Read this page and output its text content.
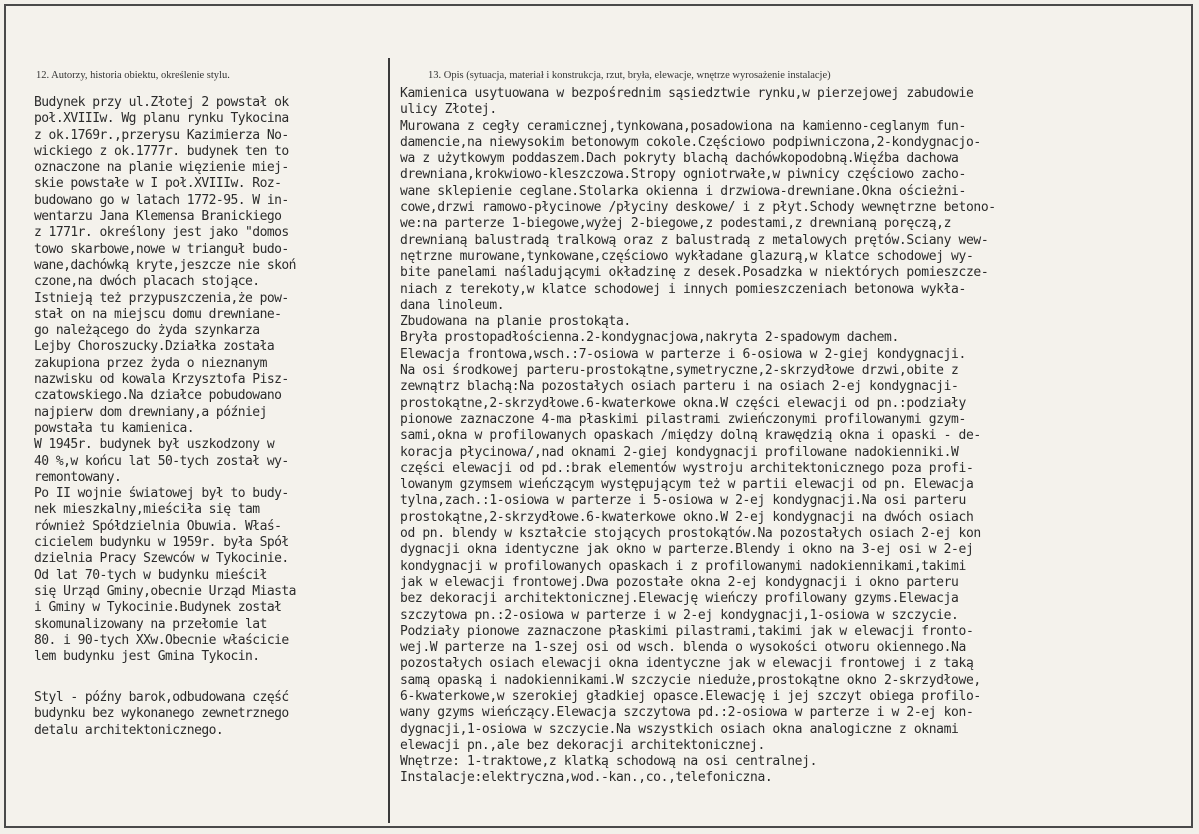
12. Autorzy, historia obiektu, określenie stylu.	13. Opis (sytuacja, materiał i konstrukcja, rzut, bryła, elewacje, wnętrze wyrosażenie instalacje)
Budynek przy ul.Złotej 2 powstał ok
poł.XVIIIw. Wg planu rynku Tykocina
z ok.1769r.,przerysu Kazimierza No-
wickiego z ok.1777r. budynek ten to
oznaczone na planie więzienie miej-
skie powstałe w I poł.XVIIIw. Roz-
budowano go w latach 1772-95. W in-
wentarzu Jana Klemensa Branickiego
z 1771r. określony jest jako "domos
towo skarbowe,nowe w trianguł budo-
wane,dachówką kryte,jeszcze nie skoń
czone,na dwóch placach stojące.
Istnieją też przypuszczenia,że pow-
stał on na miejscu domu drewniane-
go należącego do żyda szynkarza
Lejby Choroszucky.Działka została
zakupiona przez żyda o nieznanym
nazwisku od kowala Krzysztofa Pisz-
czatowskiego.Na działce pobudowano
najpierw dom drewniany,a później
powstała tu kamienica.
W 1945r. budynek był uszkodzony w
40 %,w końcu lat 50-tych został wy-
remontowany.
Po II wojnie światowej był to budy-
nek mieszkalny,mieściła się tam
również Spółdzielnia Obuwia. Właś-
cicielem budynku w 1959r. była Spół
dzielnia Pracy Szewców w Tykocinie.
Od lat 70-tych w budynku mieścił
się Urząd Gminy,obecnie Urząd Miasta
i Gminy w Tykocinie.Budynek został
skomunalizowany na przełomie lat
80. i 90-tych XXw.Obecnie właścicie
lem budynku jest Gmina Tykocin.
Styl - późny barok,odbudowana część
budynku bez wykonanego zewnetrznego
detalu architektonicznego.
Kamienica usytuowana w bezpośrednim sąsiedztwie rynku,w pierzejowej zabudowie
ulicy Złotej.
Murowana z cegły ceramicznej,tynkowana,posadowiona na kamienno-ceglanym fun-
damencie,na niewysokim betonowym cokole.Częściowo podpiwniczona,2-kondygnacjo-
wa z użytkowym poddaszem.Dach pokryty blachą dachówkopodobną.Więźba dachowa
drewniana,krokwiowo-kleszczowa.Stropy ogniotrwałe,w piwnicy częściowo zacho-
wane sklepienie ceglane.Stolarka okienna i drzwiowa-drewniane.Okna ościeżni-
cowe,drzwi ramowo-płycinowe /płyciny deskowe/ i z płyt.Schody wewnętrzne betono-
we:na parterze 1-biegowe,wyżej 2-biegowe,z podestami,z drewnianą poręczą,z
drewnianą balustradą tralkową oraz z balustradą z metalowych prętów.Ściany wew-
nętrzne murowane,tynkowane,częściowo wykładane glazurą,w klatce schodowej wy-
bite panelami naśladującymi okładzinę z desek.Posadzka w niektórych pomieszcze-
niach z terekoty,w klatce schodowej i innych pomieszczeniach betonowa wykła-
dana linoleum.
Zbudowana na planie prostokąta.
Bryła prostopadłościenna.2-kondygnacjowa,nakryta 2-spadowym dachem.
Elewacja frontowa,wsch.:7-osiowa w parterze i 6-osiowa w 2-giej kondygnacji.
Na osi środkowej parteru-prostokątne,symetryczne,2-skrzydłowe drzwi,obite z
zewnątrz blachą:Na pozostałych osiach parteru i na osiach 2-ej kondygnacji-
prostokątne,2-skrzydłowe.6-kwaterkowe okna.W części elewacji od pn.:podziały
pionowe zaznaczone 4-ma płaskimi pilastrami zwieńczonymi profilowanymi gzym-
sami,okna w profilowanych opaskach /między dolną krawędzią okna i opaski - de-
koracja płycinowa/,nad oknami 2-giej kondygnacji profilowane nadokienniki.W
części elewacji od pd.:brak elementów wystroju architektonicznego poza profi-
lowanym gzymsem wieńczącym występującym też w partii elewacji od pn. Elewacja
tylna,zach.:1-osiowa w parterze i 5-osiowa w 2-ej kondygnacji.Na osi parteru
prostokątne,2-skrzydłowe.6-kwaterkowe okno.W 2-ej kondygnacji na dwóch osiach
od pn. blendy w kształcie stojących prostokątów.Na pozostałych osiach 2-ej kon
dygnacji okna identyczne jak okno w parterze.Blendy i okno na 3-ej osi w 2-ej
kondygnacji w profilowanych opaskach i z profilowanymi nadokiennikami,takimi
jak w elewacji frontowej.Dwa pozostałe okna 2-ej kondygnacji i okno parteru
bez dekoracji architektonicznej.Elewację wieńczy profilowany gzyms.Elewacja
szczytowa pn.:2-osiowa w parterze i w 2-ej kondygnacji,1-osiowa w szczycie.
Podziały pionowe zaznaczone płaskimi pilastrami,takimi jak w elewacji fronto-
wej.W parterze na 1-szej osi od wsch. blenda o wysokości otworu okiennego.Na
pozostałych osiach elewacji okna identyczne jak w elewacji frontowej i z taką
samą opaską i nadokiennikami.W szczycie nieduże,prostokątne okno 2-skrzydłowe,
6-kwaterkowe,w szerokiej gładkiej opasce.Elewację i jej szczyt obiega profilo-
wany gzyms wieńczący.Elewacja szczytowa pd.:2-osiowa w parterze i w 2-ej kon-
dygnacji,1-osiowa w szczycie.Na wszystkich osiach okna analogiczne z oknami
elewacji pn.,ale bez dekoracji architektonicznej.
Wnętrze: 1-traktowe,z klatką schodową na osi centralnej.
Instalacje:elektryczna,wod.-kan.,co.,telefoniczna.
